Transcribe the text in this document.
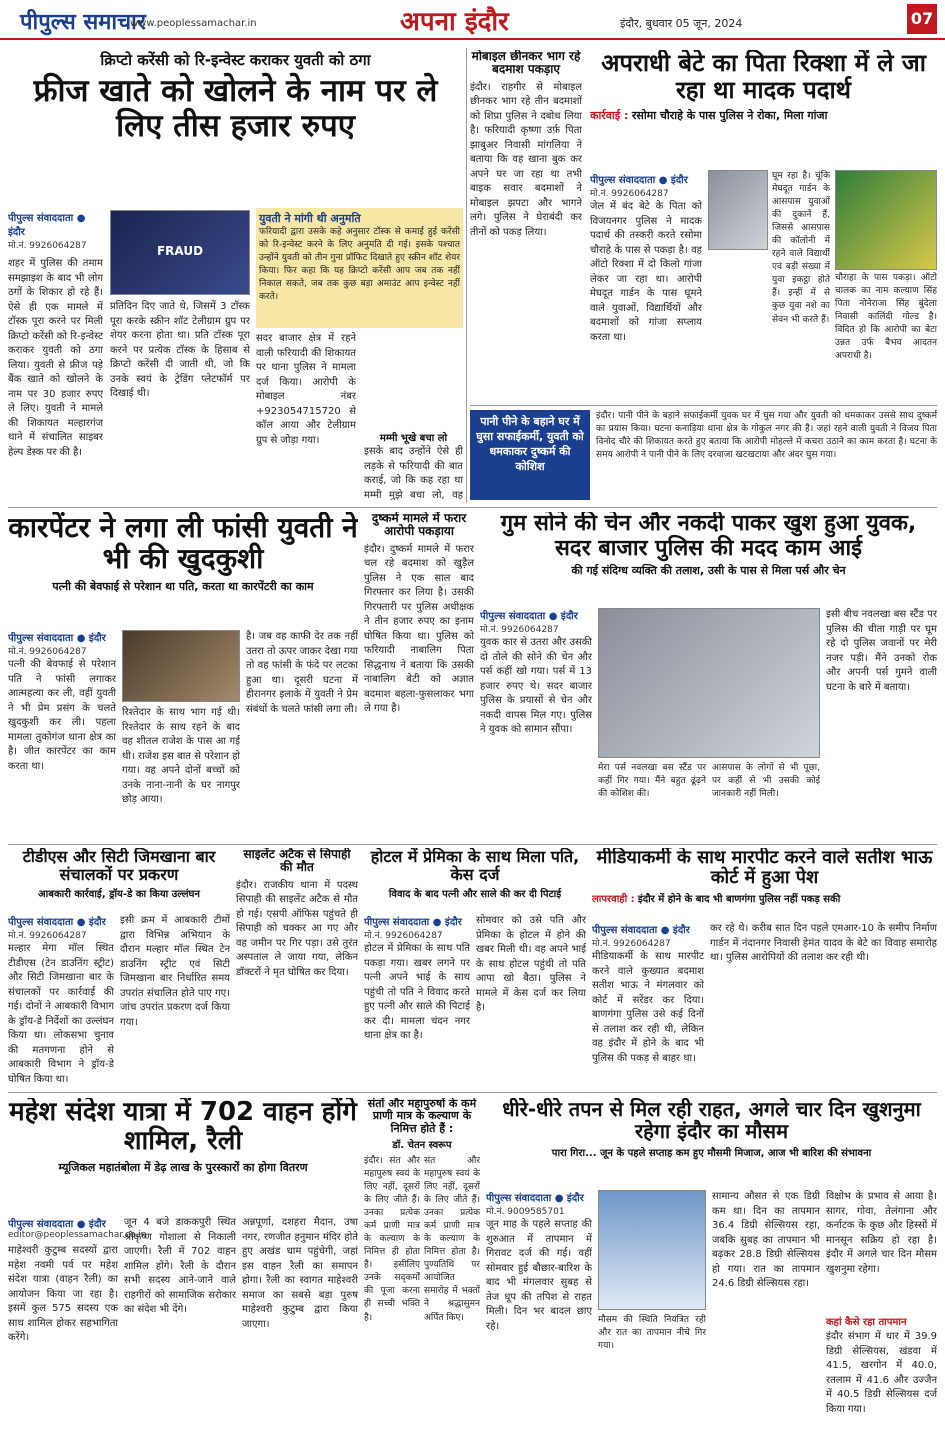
पीपुल्स समाचार
www.peoplessamachar.in	अपना इंदौर	इंदौर, बुधवार 05 जून, 2024	07
क्रिप्टो करेंसी को रि-इन्वेस्ट कराकर युवती को ठगा
फ्रीज खाते को खोलने के नाम पर ले लिए तीस हजार रुपए
पीपुल्स संवाददाता ● इंदौर
मो.नं. 9926064287
शहर में पुलिस की तमाम समझाइश के बाद भी लोग ठगों के शिकार हो रहे हैं। ऐसे ही एक मामले में टॉस्क पूरा करने पर मिली क्रिप्टो करेंसी को रि-इन्वेस्ट कराकर युवती को ठगा लिया। युवती से फ्रीज पड़े बैंक खाते को खोलने के नाम पर 30 हजार रुपए ले लिए। युवती ने मामले की शिकायत मल्हारगंज थाने में संचालित साइबर हेल्प डेस्क पर की है।
FRAUD
युवती ने मांगी थी अनुमति
फरियादी द्वारा उसके कहे अनुसार टॉस्क से कमाई हुई करेंसी को रि-इन्वेस्ट करने के लिए अनुमति दी गई। इसके पश्चात उन्होंने युवती को तीन गुना प्रॉफिट दिखाते हुए स्क्रीन शॉट शेयर किया। फिर कहा कि यह क्रिप्टो करेंसी आप जब तक नहीं निकाल सकते, जब तक कुछ बड़ा अमाउंट आप इन्वेस्ट नहीं करते।
प्रतिदिन दिए जाते थे, जिसमें 3 टॉस्क पूरा करके स्क्रीन शॉट टेलीग्राम ग्रुप पर शेयर करना होता था। प्रति टॉस्क पूरा करने पर प्रत्येक टॉस्क के हिसाब से क्रिप्टो करेंसी दी जाती थी, जो कि उनके स्वयं के ट्रेडिंग प्लेटफॉर्म पर दिखाई थी।
सदर बाजार क्षेत्र में रहने वाली फरियादी की शिकायत पर थाना पुलिस ने मामला दर्ज किया। आरोपी के मोबाइल नंबर +923054715720 से कॉल आया और टेलीग्राम ग्रुप से जोड़ा गया।	मम्मी भूखे बचा लो
इसके बाद उन्होंने ऐसे ही लड़के से फरियादी की बात कराई, जो कि कह रहा था मम्मी मुझे बचा लो, वह
मोबाइल छीनकर भाग रहे बदमाश पकड़ाए
इंदौर। राहगीर से मोबाइल छीनकर भाग रहे तीन बदमाशों को शिप्रा पुलिस ने दबोच लिया है। फरियादी कृष्णा उर्फ़ पिता झाबुअर निवासी मांगलिया ने बताया कि वह खाना बुक कर अपने घर जा रहा था तभी बाइक सवार बदमाशों ने मोबाइल झपटा और भागने लगे। पुलिस ने घेराबंदी कर तीनों को पकड़ लिया।
अपराधी बेटे का पिता रिक्शा में ले जा रहा था मादक पदार्थ
कार्रवाई : रसोमा चौराहे के पास पुलिस ने रोका, मिला गांजा
पीपुल्स संवाददाता ● इंदौर
मो.नं. 9926064287
जेल में बंद बेटे के पिता को विजयनगर पुलिस ने मादक पदार्थ की तस्करी करते रसोमा चौराहे के पास से पकड़ा है। वह ऑटो रिक्शा में दो किलो गांजा लेकर जा रहा था। आरोपी मेघदूत गार्डन के पास घूमने वाले युवाओं, विद्यार्थियों और बदमाशों को गांजा सप्लाय करता था।
घूम रहा है। चूंकि मेघदूत गार्डन के आसपास युवाओं की दुकानें हैं, जिससे आसपास की कॉलोनी में रहने वाले विद्यार्थी एवं बड़ी संख्या में युवा इकट्ठा होते हैं। इन्हीं में से कुछ युवा नशे का सेवन भी करते हैं।
चौराहा के पास पकड़ा। ऑटो चालक का नाम कल्याण सिंह पिता नोनेराजा सिंह बुंदेला निवासी कालिंदी गोल्ड है। विदित हो कि आरोपी का बेटा उन्नत उर्फ बैभव आदतन अपराधी है।
पानी पीने के बहाने घर में घुसा सफाईकर्मी, युवती को धमकाकर दुष्कर्म की कोशिश
इंदौर। पानी पीने के बहाने सफाईकर्मी युवक घर में घुस गया और युवती को धमकाकर उससे साथ दुष्कर्म का प्रयास किया। घटना कनाड़िया थाना क्षेत्र के गोकुल नगर की है। जहां रहने वाली युवती ने विजय पिता विनोद चौरे की शिकायत करते हुए बताया कि आरोपी मोहल्ले में कचरा उठाने का काम करता है। घटना के समय आरोपी ने पानी पीने के लिए दरवाजा खटखटाया और अंदर घुस गया।
कारपेंटर ने लगा ली फांसी युवती ने भी की खुदकुशी
पत्नी की बेवफाई से परेशान था पति, करता था कारपेंटरी का काम
पीपुल्स संवाददाता ● इंदौर
मो.नं. 9926064287
पत्नी की बेवफाई से परेशान पति ने फांसी लगाकर आत्महत्या कर ली, वहीं युवती ने भी प्रेम प्रसंग के चलते खुदकुशी कर ली। पहला मामला तुकोगंज थाना क्षेत्र का है। जीत कारपेंटर का काम करता था।
रिश्तेदार के साथ भाग गई थी। रिश्तेदार के साथ रहने के बाद वह शीतल राजेश के पास आ गई थी। राजेश इस बात से परेशान हो गया। वह अपने दोनों बच्चों को उनके नाना-नानी के घर नागपुर छोड़ आया।
है। जब वह काफी देर तक नहीं उतरा तो ऊपर जाकर देखा गया तो वह फांसी के फंदे पर लटका हुआ था। दूसरी घटना में हीरानगर इलाके में युवती ने प्रेम संबंधों के चलते फांसी लगा ली।
दुष्कर्म मामले में फरार आरोपी पकड़ाया
इंदौर। दुष्कर्म मामले में फरार चल रहे बदमाश को खुड़ैल पुलिस ने एक साल बाद गिरफ्तार कर लिया है। उसकी गिरफ्तारी पर पुलिस अधीक्षक ने तीन हजार रुपए का इनाम घोषित किया था। पुलिस को फरियादी नाबालिग पिता सिद्धनाथ ने बताया कि उसकी नाबालिग बेटी को अज्ञात बदमाश बहला-फुसलाकर भगा ले गया है।
गुम सोने की चेन और नकदी पाकर खुश हुआ युवक, सदर बाजार पुलिस की मदद काम आई
की गई संदिग्ध व्यक्ति की तलाश, उसी के पास से मिला पर्स और चेन
पीपुल्स संवाददाता ● इंदौर
मो.नं. 9926064287
युवक कार से उतरा और उसकी दो तोले की सोने की चेन और पर्स कहीं खो गया। पर्स में 13 हजार रुपए थे। सदर बाजार पुलिस के प्रयासों से चेन और नकदी वापस मिल गए। पुलिस ने युवक को सामान सौंपा।
मेरा पर्स नवलखा बस स्टैंड पर कहीं गिर गया। मैंने बहुत ढूंढ़ने की कोशिश की।
आसपास के लोगों से भी पूछा, पर कहीं से भी उसकी कोई जानकारी नहीं मिली।
इसी बीच नवलखा बस स्टैंड पर पुलिस की चीता गाड़ी पर घूम रहे दो पुलिस जवानों पर मेरी नजर पड़ी। मैंने उनको रोक और अपनी पर्स गुमने वाली घटना के बारे में बताया।
टीडीएस और सिटी जिमखाना बार संचालकों पर प्रकरण
आबकारी कार्रवाई, ड्रॉय-डे का किया उल्लंघन
पीपुल्स संवाददाता ● इंदौर
मो.नं. 9926064287
मल्हार मेगा मॉल स्थित टीडीएस (टेन डाउनिंग स्ट्रीट) और सिटी जिमखाना बार के संचालकों पर कार्रवाई की गई। दोनों ने आबकारी विभाग के ड्रॉय-डे निर्देशों का उल्लंघन किया था। लोकसभा चुनाव की मतगणना होने से आबकारी विभाग ने ड्रॉय-डे घोषित किया था।
इसी क्रम में आबकारी टीमों द्वारा विभिन्न अभियान के दौरान मल्हार मॉल स्थित टेन डाउनिंग स्ट्रीट एवं सिटी जिमखाना बार निर्धारित समय उपरांत संचालित होते पाए गए। जांच उपरांत प्रकरण दर्ज किया गया।
साइलेंट अटैक से सिपाही की मौत
इंदौर। राजकीय थाना में पदस्थ सिपाही की साइलेंट अटैक से मौत हो गई। एसपी ऑफिस पहुंचते ही सिपाही को चक्कर आ गए और वह जमीन पर गिर पड़ा। उसे तुरंत अस्पताल ले जाया गया, लेकिन डॉक्टरों ने मृत घोषित कर दिया।
होटल में प्रेमिका के साथ मिला पति, केस दर्ज
विवाद के बाद पत्नी और साले की कर दी पिटाई
पीपुल्स संवाददाता ● इंदौर
मो.नं. 9926064287
होटल में प्रेमिका के साथ पति पकड़ा गया। खबर लगने पर पत्नी अपने भाई के साथ पहुंची तो पति ने विवाद करते हुए पत्नी और साले की पिटाई कर दी। मामला चंदन नगर थाना क्षेत्र का है।
सोमवार को उसे पति और प्रेमिका के होटल में होने की खबर मिली थी। वह अपने भाई के साथ होटल पहुंची तो पति आपा खो बैठा। पुलिस ने मामले में केस दर्ज कर लिया है।
मीडियाकर्मी के साथ मारपीट करने वाले सतीश भाऊ कोर्ट में हुआ पेश
लापरवाही : इंदौर में होने के बाद भी बाणगंगा पुलिस नहीं पकड़ सकी
पीपुल्स संवाददाता ● इंदौर
मो.नं. 9926064287
मीडियाकर्मी के साथ मारपीट करने वाले कुख्यात बदमाश सतीश भाऊ ने मंगलवार को कोर्ट में सरेंडर कर दिया। बाणगंगा पुलिस उसे कई दिनों से तलाश कर रही थी, लेकिन वह इंदौर में होने के बाद भी पुलिस की पकड़ से बाहर था।
कर रहे थे। करीब सात दिन पहले एमआर-10 के समीप निर्माण गार्डन में नंदानगर निवासी हेमंत यादव के बेटे का विवाह समारोह था। पुलिस आरोपियों की तलाश कर रही थी।
महेश संदेश यात्रा में 702 वाहन होंगे शामिल, रैली
म्यूजिकल महातंबोला में डेढ़ लाख के पुरस्कारों का होगा वितरण
पीपुल्स संवाददाता ● इंदौर
editor@peoplessamachar.co.in
माहेश्वरी कुटुम्ब सदस्यों द्वारा महेश नवमी पर्व पर महेश संदेश यात्रा (वाहन रैली) का आयोजन किया जा रहा है। इसमें कुल 575 सदस्य एक साथ शामिल होकर सहभागिता करेंगे।
जून 4 बजे डाककपुरी स्थित श्रीकृष्ण गोशाला से निकाली जाएगी। रैली में 702 वाहन शामिल होंगे। रैली के दौरान सभी सदस्य आने-जाने वाले राहगीरों को सामाजिक सरोकार का संदेश भी देंगे।
अन्नपूर्णा, दशहरा मैदान, उषा नगर, रणजीत हनुमान मंदिर होते हुए अखंड धाम पहुंचेगी, जहां इस वाहन रैली का समापन होगा। रैली का स्वागत माहेश्वरी समाज का सबसे बड़ा पुरुष माहेश्वरी कुटुम्ब द्वारा किया जाएगा।
संतों और महापुरुषों के कर्म प्राणी मात्र के कल्याण के निमित्त होते हैं :
डॉ. चेतन स्वरूप
इंदौर। संत और महापुरुष स्वयं के लिए नहीं, दूसरों के लिए जीते हैं। उनका प्रत्येक कर्म प्राणी मात्र के कल्याण के निमित्त ही होता है। इसीलिए उनके सद्कर्मों की पूजा करना ही सच्ची भक्ति है।
संत और महापुरुष स्वयं के लिए नहीं, दूसरों के लिए जीते हैं। उनका प्रत्येक कर्म प्राणी मात्र के कल्याण के निमित्त होता है। पुण्यतिथि पर आयोजित समारोह में भक्तों ने श्रद्धासुमन अर्पित किए।
धीरे-धीरे तपन से मिल रही राहत, अगले चार दिन खुशनुमा रहेगा इंदौर का मौसम
पारा गिरा... जून के पहले सप्ताह कम हुए मौसमी मिजाज, आज भी बारिश की संभावना
पीपुल्स संवाददाता ● इंदौर
मो.नं. 9009585701
जून माह के पहले सप्ताह की शुरुआत में तापमान में गिरावट दर्ज की गई। वहीं सोमवार हुई बौछार-बारिश के बाद भी मंगलवार सुबह से तेज धूप की तपिश से राहत मिली। दिन भर बादल छाए रहे।
मौसम की स्थिति नियंत्रित रही और रात का तापमान नीचे गिर गया।
सामान्य औसत से एक डिग्री कम था। दिन का तापमान 36.4 डिग्री सेल्सियस रहा, जबकि सुबह का तापमान भी बढ़कर 28.8 डिग्री सेल्सियस हो गया। रात का तापमान 24.6 डिग्री सेल्सियस रहा।
विक्षोभ के प्रभाव से आया है। सागर, गोवा, तेलंगाना और कर्नाटक के कुछ और हिस्सों में मानसून सक्रिय हो रहा है। इंदौर में अगले चार दिन मौसम खुशनुमा रहेगा।
कहां कैसे रहा तापमान
इंदौर संभाग में धार में 39.9 डिग्री सेल्सियस, खंडवा में 41.5, खरगोन में 40.0, रतलाम में 41.6 और उज्जैन में 40.5 डिग्री सेल्सियस दर्ज किया गया।
